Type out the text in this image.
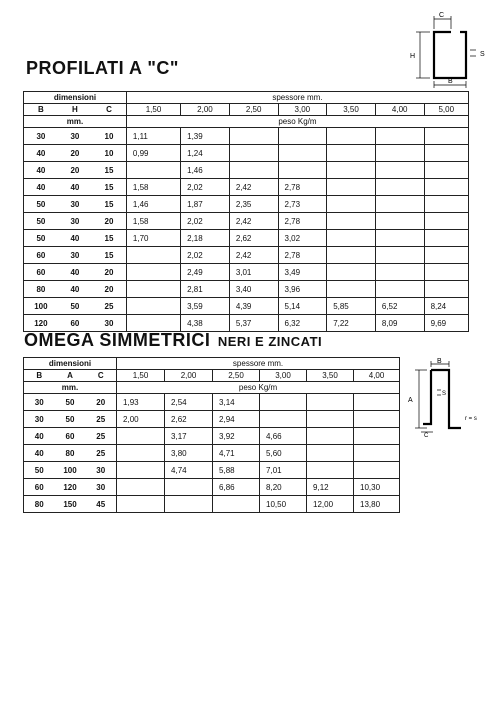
C
H	S
B
PROFILATI A "C"
dimensioni			spessore mm.						
B	H	C	1,50	2,00	2,50	3,00	3,50	4,00	5,00
mm.			peso Kg/m						
30	30	10	1,11	1,39					
40	20	10	0,99	1,24					
40	20	15		1,46					
40	40	15	1,58	2,02	2,42	2,78			
50	30	15	1,46	1,87	2,35	2,73			
50	30	20	1,58	2,02	2,42	2,78			
50	40	15	1,70	2,18	2,62	3,02			
60	30	15		2,02	2,42	2,78			
60	40	20		2,49	3,01	3,49			
80	40	20		2,81	3,40	3,96			
100	50	25		3,59	4,39	5,14	5,85	6,52	8,24
120	60	30		4,38	5,37	6,32	7,22	8,09	9,69
OMEGA SIMMETRICI NERI E ZINCATI
B
A
S
r = s
C
dimensioni			spessore mm.					
B	A	C	1,50	2,00	2,50	3,00	3,50	4,00
mm.			peso Kg/m					
30	50	20	1,93	2,54	3,14			
30	50	25	2,00	2,62	2,94			
40	60	25		3,17	3,92	4,66		
40	80	25		3,80	4,71	5,60		
50	100	30		4,74	5,88	7,01		
60	120	30			6,86	8,20	9,12	10,30
80	150	45				10,50	12,00	13,80
